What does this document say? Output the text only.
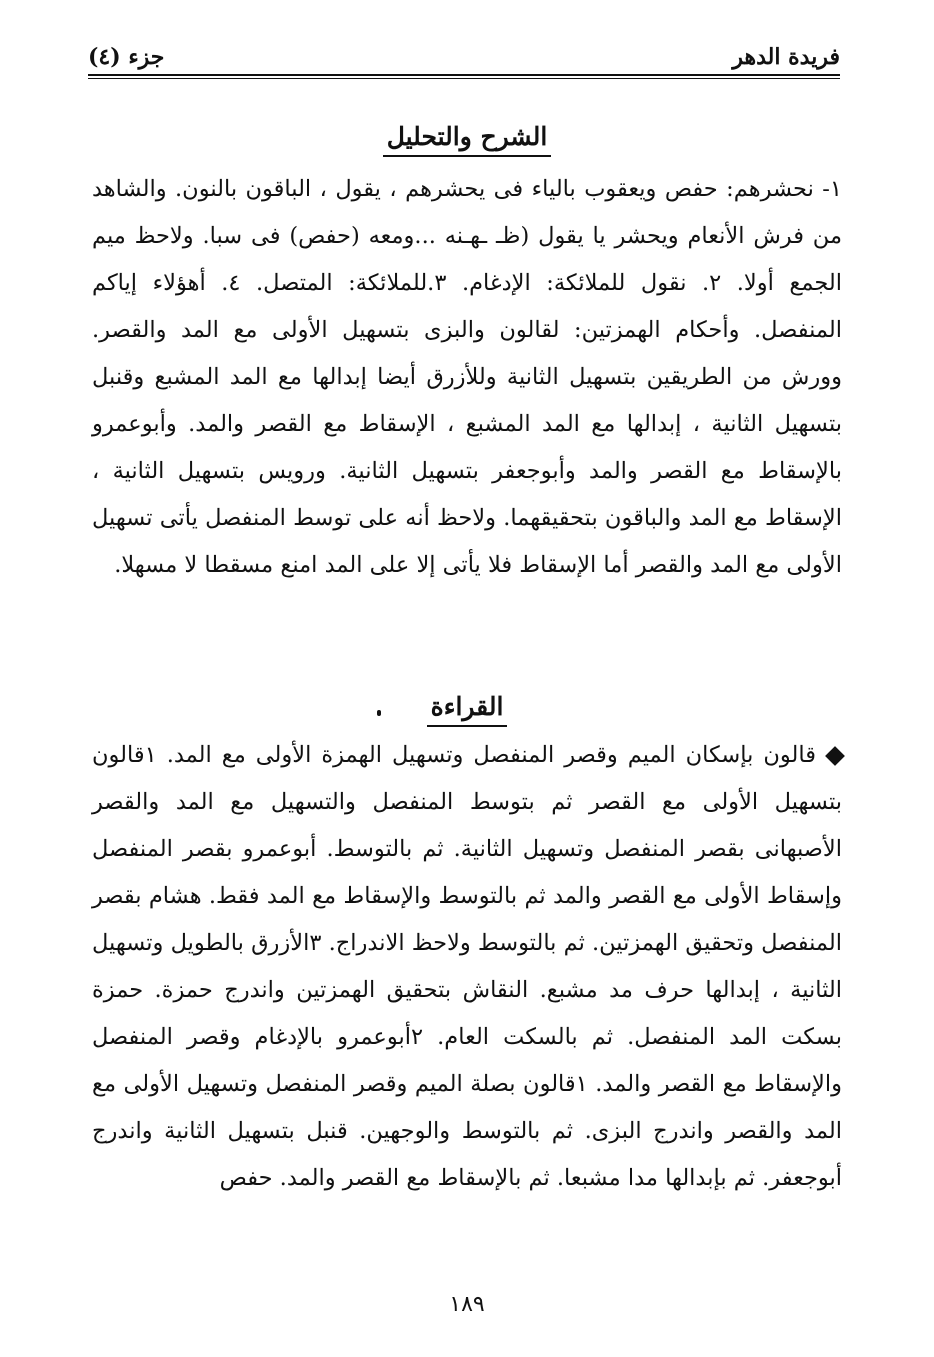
جزء (٤)	فريدة الدهر
الشرح والتحليل

١- نحشرهم: حفص ويعقوب بالياء فى يحشرهم ، يقول ، الباقون بالنون. والشاهد من فرش الأنعام ويحشر يا يقول (ظـ ـهـنه ...ومعه (حفص) فى سبا. ولاحظ ميم الجمع أولا. ٢. نقول للملائكة: الإدغام. ٣.للملائكة: المتصل. ٤. أهؤلاء إياكم المنفصل. وأحكام الهمزتين: لقالون والبزى بتسهيل الأولى مع المد والقصر. وورش من الطريقين بتسهيل الثانية وللأزرق أيضا إبدالها مع المد المشبع وقنبل بتسهيل الثانية ، إبدالها مع المد المشبع ، الإسقاط مع القصر والمد. وأبوعمرو بالإسقاط مع القصر والمد وأبوجعفر بتسهيل الثانية. ورويس بتسهيل الثانية ، الإسقاط مع المد والباقون بتحقيقهما. ولاحظ أنه على توسط المنفصل يأتى تسهيل الأولى مع المد والقصر أما الإسقاط فلا يأتى إلا على المد امنع مسقطا لا مسهلا.

القراءة

قالون بإسكان الميم وقصر المنفصل وتسهيل الهمزة الأولى مع المد. ١قالون بتسهيل الأولى مع القصر ثم بتوسط المنفصل والتسهيل مع المد والقصر الأصبهانى بقصر المنفصل وتسهيل الثانية. ثم بالتوسط. أبوعمرو بقصر المنفصل وإسقاط الأولى مع القصر والمد ثم بالتوسط والإسقاط مع المد فقط. هشام بقصر المنفصل وتحقيق الهمزتين. ثم بالتوسط ولاحظ الاندراج. ٣الأزرق بالطويل وتسهيل الثانية ، إبدالها حرف مد مشبع. النقاش بتحقيق الهمزتين واندرج حمزة. حمزة بسكت المد المنفصل. ثم بالسكت العام. ٢أبوعمرو بالإدغام وقصر المنفصل والإسقاط مع القصر والمد. ١قالون بصلة الميم وقصر المنفصل وتسهيل الأولى مع المد والقصر واندرج البزى. ثم بالتوسط والوجهين. قنبل بتسهيل الثانية واندرج أبوجعفر. ثم بإبدالها مدا مشبعا. ثم بالإسقاط مع القصر والمد. حفص

١٨٩
